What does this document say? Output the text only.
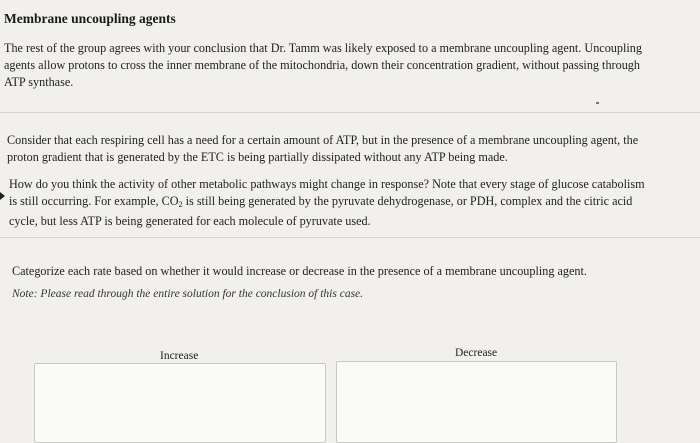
Membrane uncoupling agents
The rest of the group agrees with your conclusion that Dr. Tamm was likely exposed to a membrane uncoupling agent. Uncoupling agents allow protons to cross the inner membrane of the mitochondria, down their concentration gradient, without passing through ATP synthase.
Consider that each respiring cell has a need for a certain amount of ATP, but in the presence of a membrane uncoupling agent, the proton gradient that is generated by the ETC is being partially dissipated without any ATP being made.
How do you think the activity of other metabolic pathways might change in response? Note that every stage of glucose catabolism is still occurring. For example, $CO_2$ is still being generated by the pyruvate dehydrogenase, or PDH, complex and the citric acid cycle, but less ATP is being generated for each molecule of pyruvate used.
Categorize each rate based on whether it would increase or decrease in the presence of a membrane uncoupling agent.
Note: Please read through the entire solution for the conclusion of this case.
Increase	Decrease
